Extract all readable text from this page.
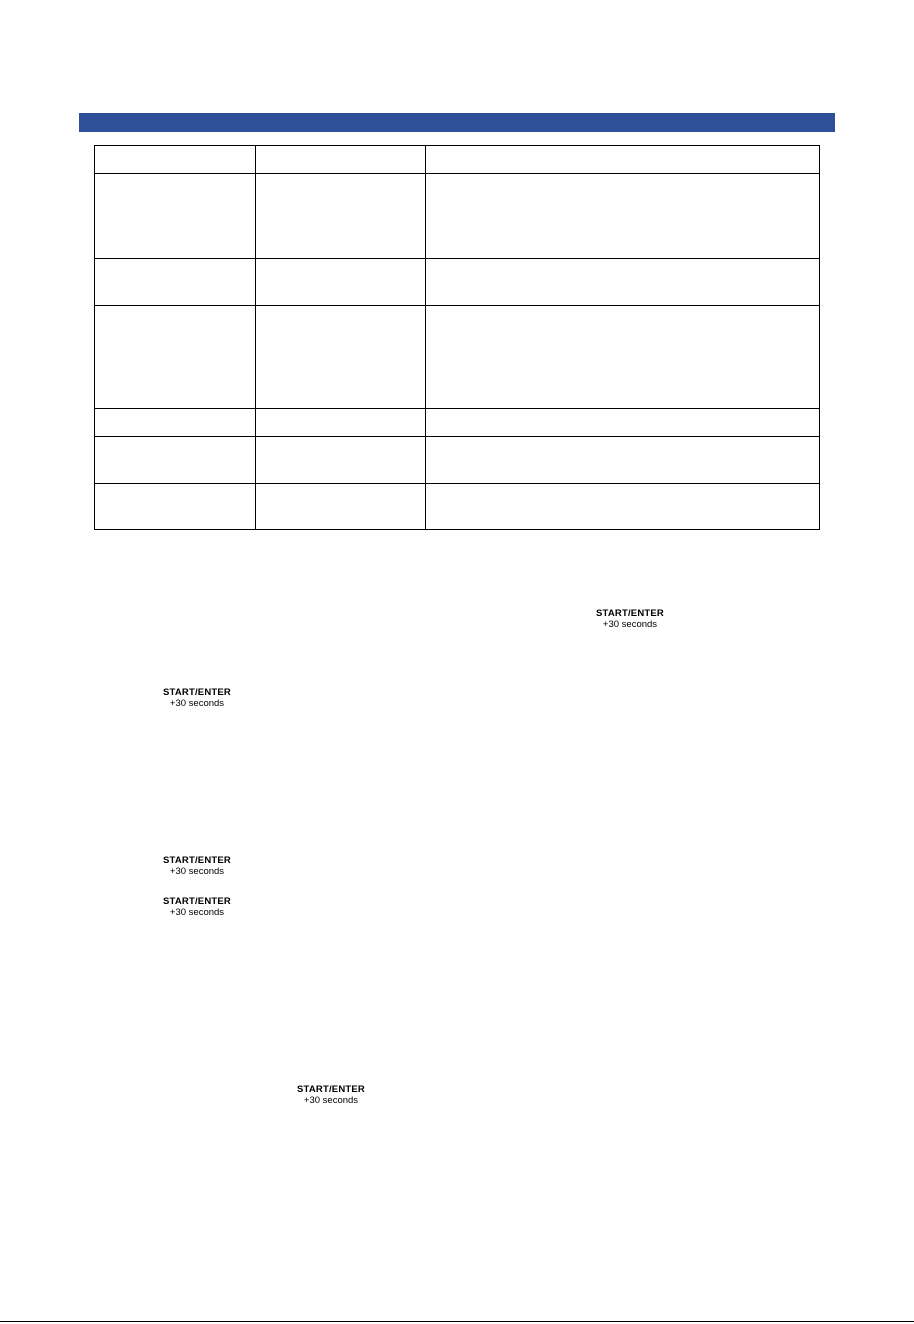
START/ENTER
+30 seconds
START/ENTER
+30 seconds
START/ENTER
+30 seconds
START/ENTER
+30 seconds
START/ENTER
+30 seconds
